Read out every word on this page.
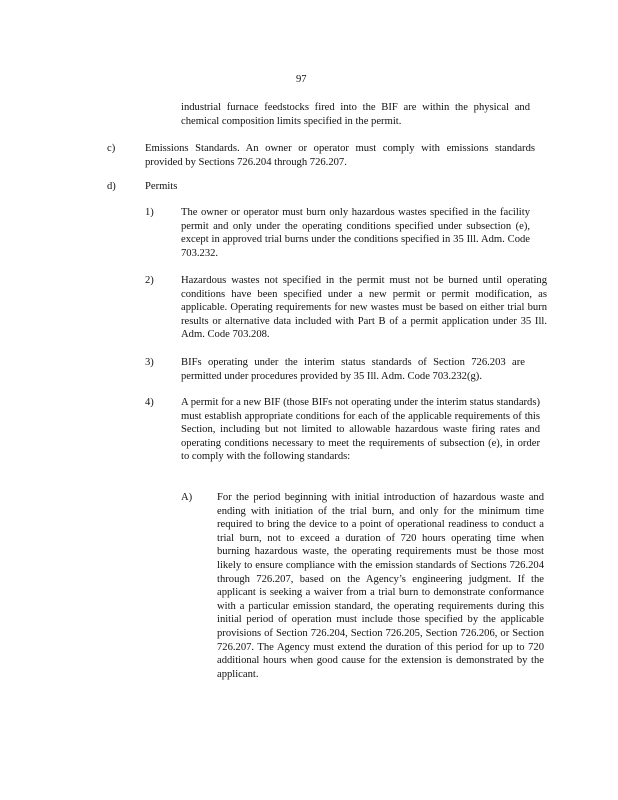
97
industrial furnace feedstocks fired into the BIF are within the physical and chemical composition limits specified in the permit.
c)	Emissions Standards. An owner or operator must comply with emissions standards provided by Sections 726.204 through 726.207.
d)	Permits
1)	The owner or operator must burn only hazardous wastes specified in the facility permit and only under the operating conditions specified under subsection (e), except in approved trial burns under the conditions specified in 35 Ill. Adm. Code 703.232.
2)	Hazardous wastes not specified in the permit must not be burned until operating conditions have been specified under a new permit or permit modification, as applicable. Operating requirements for new wastes must be based on either trial burn results or alternative data included with Part B of a permit application under 35 Ill. Adm. Code 703.208.
3)	BIFs operating under the interim status standards of Section 726.203 are permitted under procedures provided by 35 Ill. Adm. Code 703.232(g).
4)	A permit for a new BIF (those BIFs not operating under the interim status standards) must establish appropriate conditions for each of the applicable requirements of this Section, including but not limited to allowable hazardous waste firing rates and operating conditions necessary to meet the requirements of subsection (e), in order to comply with the following standards:
A) For the period beginning with initial introduction of hazardous waste and ending with initiation of the trial burn, and only for the minimum time required to bring the device to a point of operational readiness to conduct a trial burn, not to exceed a duration of 720 hours operating time when burning hazardous waste, the operating requirements must be those most likely to ensure compliance with the emission standards of Sections 726.204 through 726.207, based on the Agency’s engineering judgment. If the applicant is seeking a waiver from a trial burn to demonstrate conformance with a particular emission standard, the operating requirements during this initial period of operation must include those specified by the applicable provisions of Section 726.204, Section 726.205, Section 726.206, or Section 726.207. The Agency must extend the duration of this period for up to 720 additional hours when good cause for the extension is demonstrated by the applicant.
